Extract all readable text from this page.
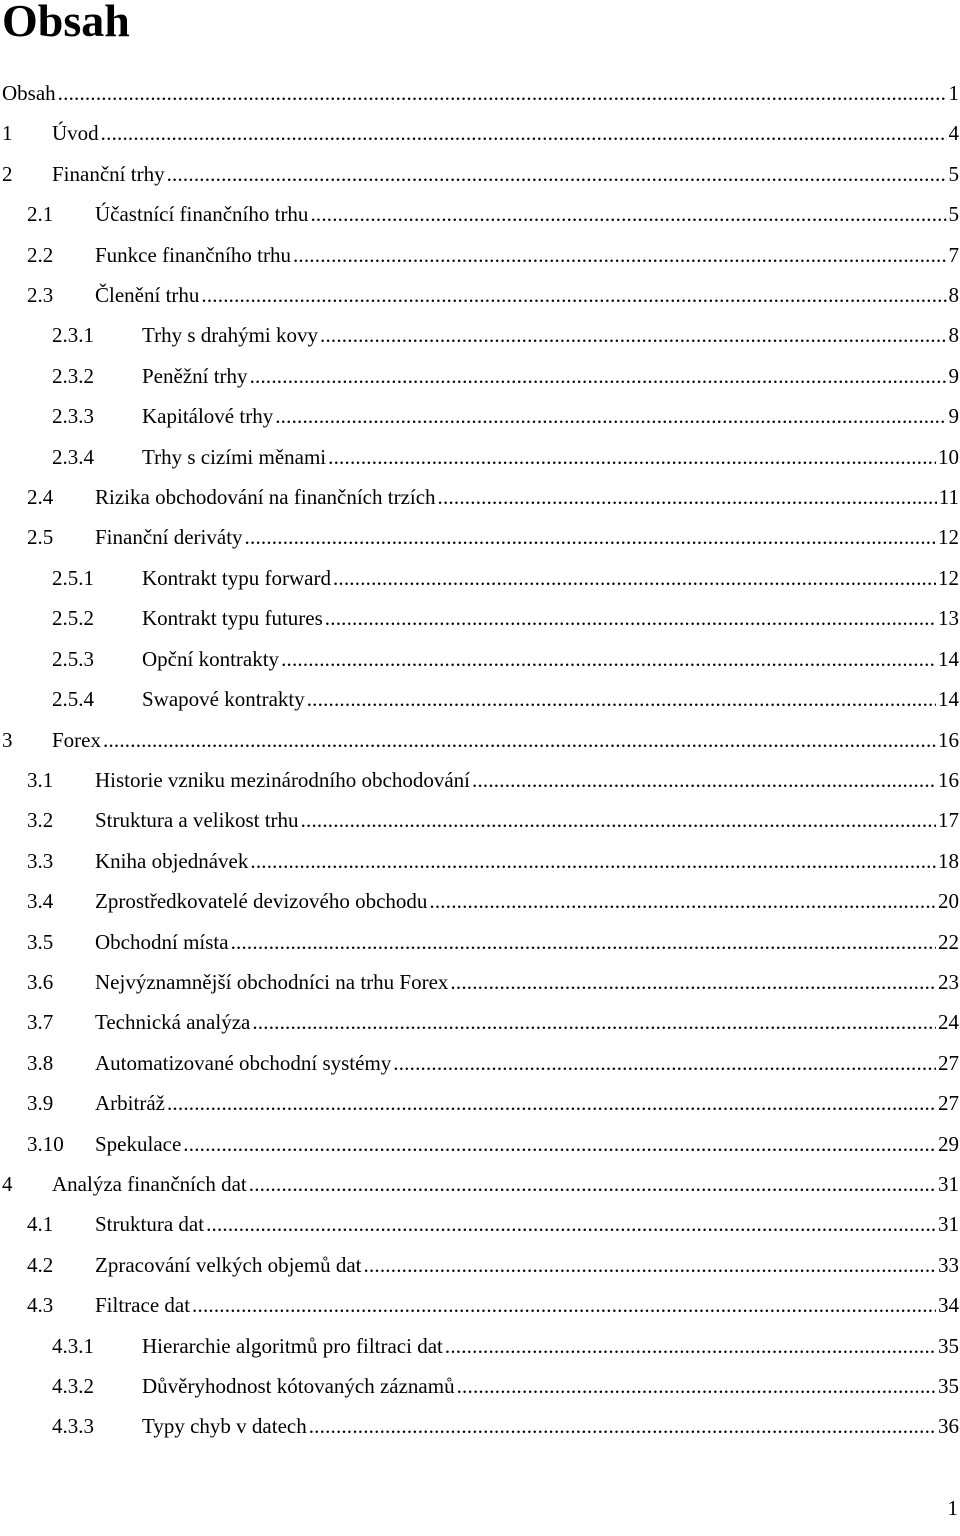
Obsah
Obsah .....	1
1	Úvod .....	4
2	Finanční trhy .....	5
2.1	Účastnící finančního trhu .....	5
2.2	Funkce finančního trhu .....	7
2.3	Členění trhu .....	8
2.3.1	Trhy s drahými kovy .....	8
2.3.2	Peněžní trhy .....	9
2.3.3	Kapitálové trhy .....	9
2.3.4	Trhy s cizími měnami .....	10
2.4	Rizika obchodování na finančních trzích .....	11
2.5	Finanční deriváty .....	12
2.5.1	Kontrakt typu forward .....	12
2.5.2	Kontrakt typu futures .....	13
2.5.3	Opční kontrakty .....	14
2.5.4	Swapové kontrakty .....	14
3	Forex .....	16
3.1	Historie vzniku mezinárodního obchodování .....	16
3.2	Struktura a velikost trhu .....	17
3.3	Kniha objednávek .....	18
3.4	Zprostředkovatelé devizového obchodu .....	20
3.5	Obchodní místa .....	22
3.6	Nejvýznamnější obchodníci na trhu Forex .....	23
3.7	Technická analýza .....	24
3.8	Automatizované obchodní systémy .....	27
3.9	Arbitráž .....	27
3.10	Spekulace .....	29
4	Analýza finančních dat .....	31
4.1	Struktura dat .....	31
4.2	Zpracování velkých objemů dat .....	33
4.3	Filtrace dat .....	34
4.3.1	Hierarchie algoritmů pro filtraci dat .....	35
4.3.2	Důvěryhodnost kótovaných záznamů .....	35
4.3.3	Typy chyb v datech .....	36
1
